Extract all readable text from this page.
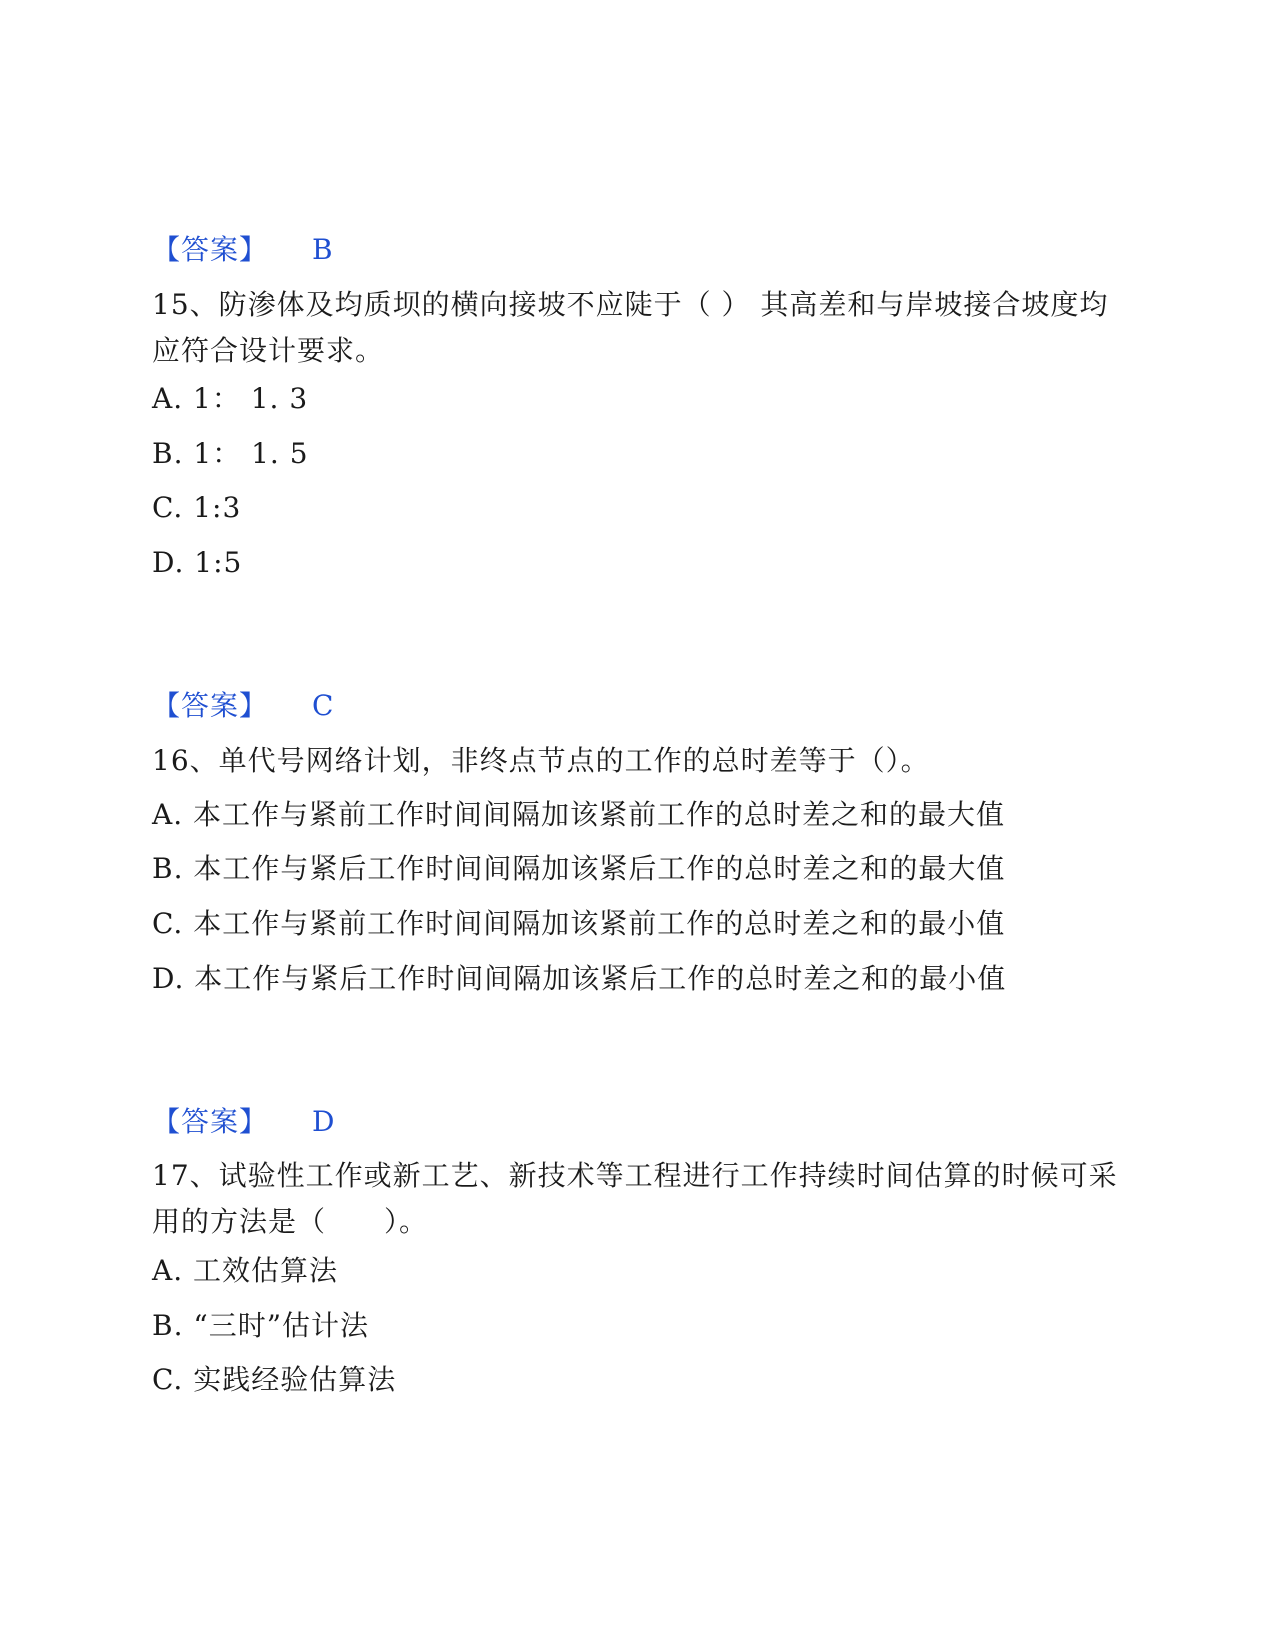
【答案】 B
15、防渗体及均质坝的横向接坡不应陡于（ ） 其高差和与岸坡接合坡度均应符合设计要求。
A. 1： 1. 3
B. 1： 1. 5
C. 1:3
D. 1:5
【答案】 C
16、单代号网络计划，非终点节点的工作的总时差等于（）。
A. 本工作与紧前工作时间间隔加该紧前工作的总时差之和的最大值
B. 本工作与紧后工作时间间隔加该紧后工作的总时差之和的最大值
C. 本工作与紧前工作时间间隔加该紧前工作的总时差之和的最小值
D. 本工作与紧后工作时间间隔加该紧后工作的总时差之和的最小值
【答案】 D
17、试验性工作或新工艺、新技术等工程进行工作持续时间估算的时候可采用的方法是（　　）。
A. 工效估算法
B. “三时”估计法
C. 实践经验估算法
